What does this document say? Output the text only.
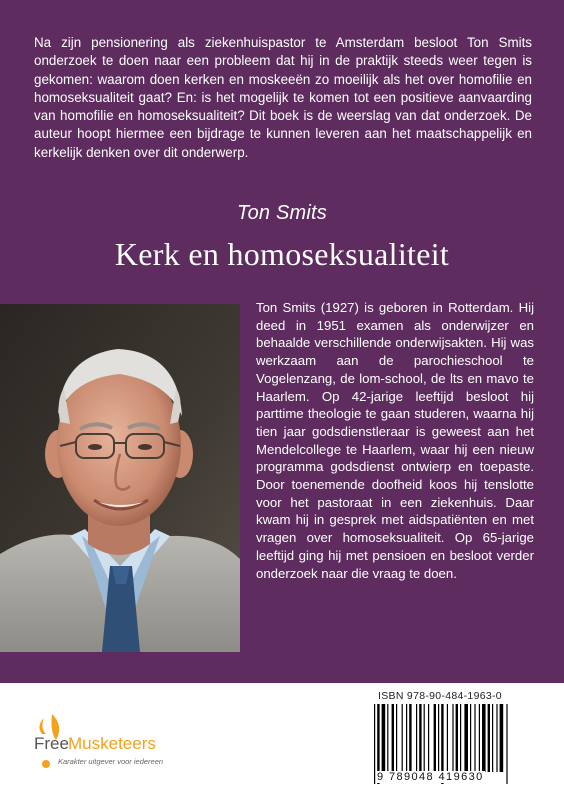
Na zijn pensionering als ziekenhuispastor te Amsterdam besloot Ton Smits onderzoek te doen naar een probleem dat hij in de praktijk steeds weer tegen is gekomen: waarom doen kerken en moskeeën zo moeilijk als het over homofilie en homoseksualiteit gaat? En: is het mogelijk te komen tot een positieve aanvaarding van homofilie en homoseksualiteit? Dit boek is de weerslag van dat onderzoek. De auteur hoopt hiermee een bijdrage te kunnen leveren aan het maatschappelijk en kerkelijk denken over dit onderwerp.

Ton Smits
Kerk en homoseksualiteit

Ton Smits (1927) is geboren in Rotterdam. Hij deed in 1951 examen als onderwijzer en behaalde verschillende onderwijsakten. Hij was werkzaam aan de parochieschool te Vogelenzang, de lom-school, de lts en mavo te Haarlem. Op 42-jarige leeftijd besloot hij parttime theologie te gaan studeren, waarna hij tien jaar godsdienstleraar is geweest aan het Mendelcollege te Haarlem, waar hij een nieuw programma godsdienst ontwierp en toepaste. Door toenemende doofheid koos hij tenslotte voor het pastoraat in een ziekenhuis. Daar kwam hij in gesprek met aidspatiënten en met vragen over homoseksualiteit. Op 65-jarige leeftijd ging hij met pensioen en besloot verder onderzoek naar die vraag te doen.

Free Musketeers
Karakter uitgever voor iedereen
ISBN 978-90-484-1963-0
9 789048 419630
